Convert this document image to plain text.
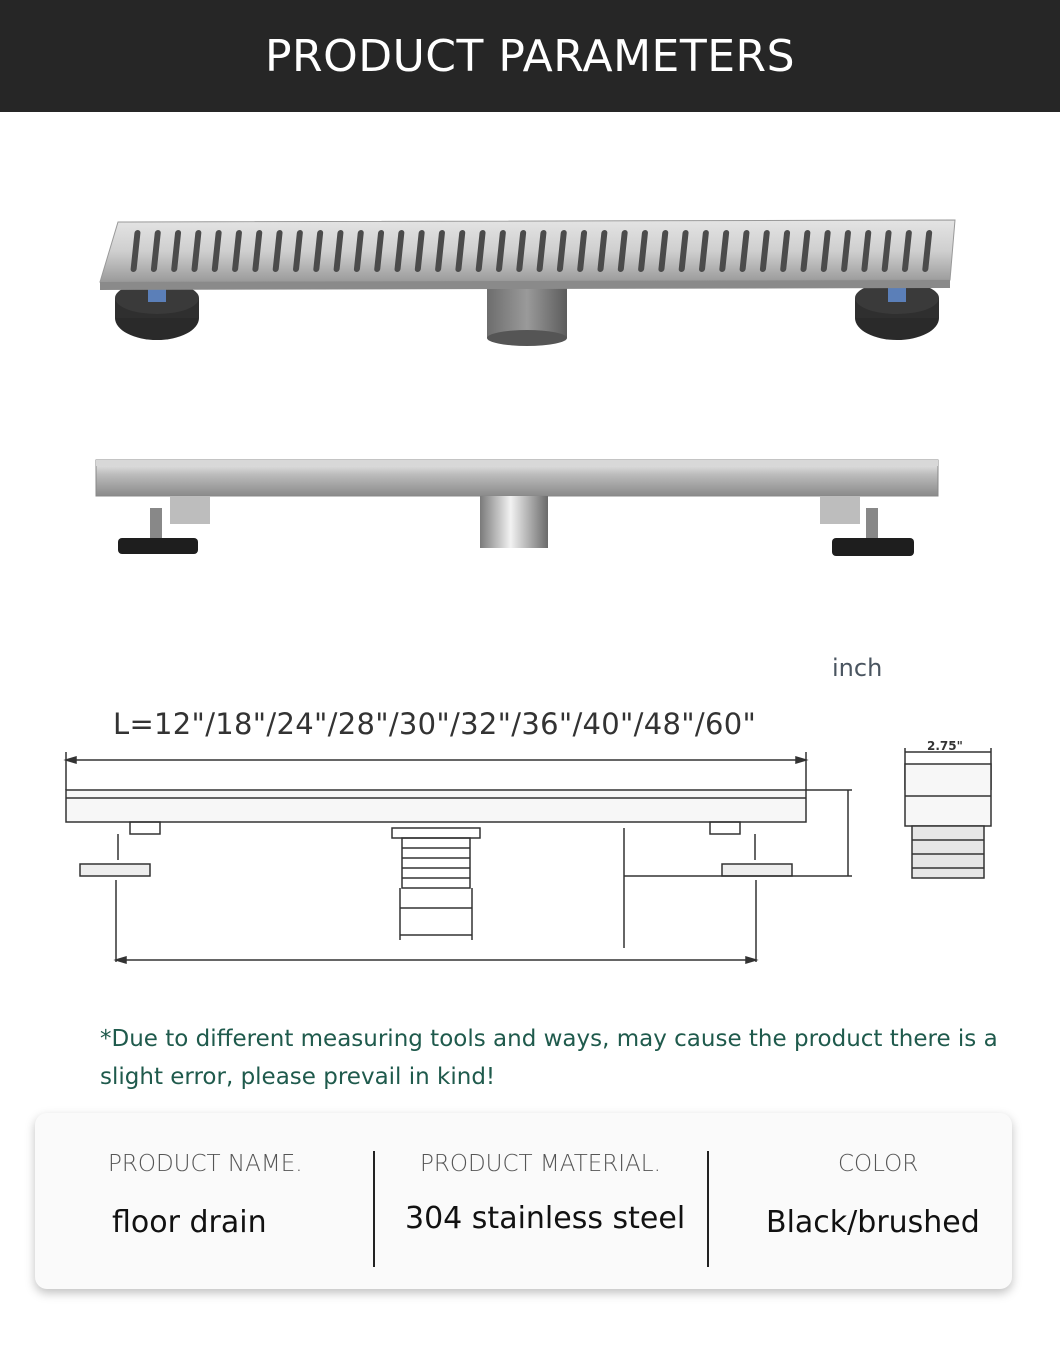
PRODUCT PARAMETERS
inch
L=12"/18"/24"/28"/30"/32"/36"/40"/48"/60"
2.75"
*Due to different measuring tools and ways, may cause the product there is a slight error, please prevail in kind!
PRODUCT NAME.
floor drain
PRODUCT MATERIAL.
304 stainless steel
COLOR
Black/brushed
